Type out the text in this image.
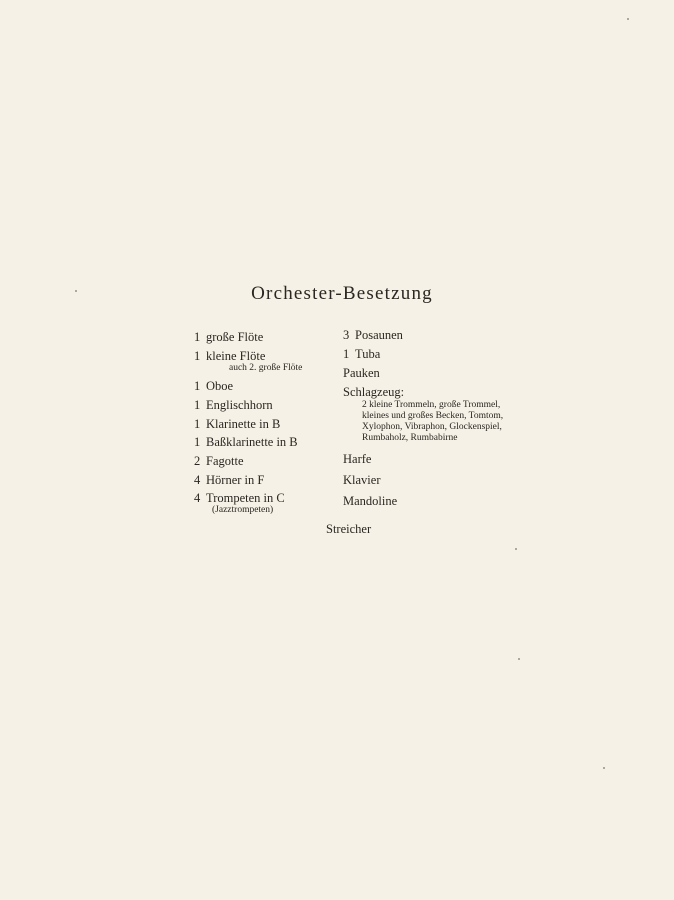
Orchester-Besetzung
1 große Flöte
1 kleine Flöte
auch 2. große Flöte
1 Oboe
1 Englischhorn
1 Klarinette in B
1 Baßklarinette in B
2 Fagotte
4 Hörner in F
4 Trompeten in C
(Jazztrompeten)
3 Posaunen
1 Tuba
Pauken
Schlagzeug:
2 kleine Trommeln, große Trommel,
kleines und großes Becken, Tomtom,
Xylophon, Vibraphon, Glockenspiel,
Rumbaholz, Rumbabirne
Harfe
Klavier
Mandoline
Streicher
